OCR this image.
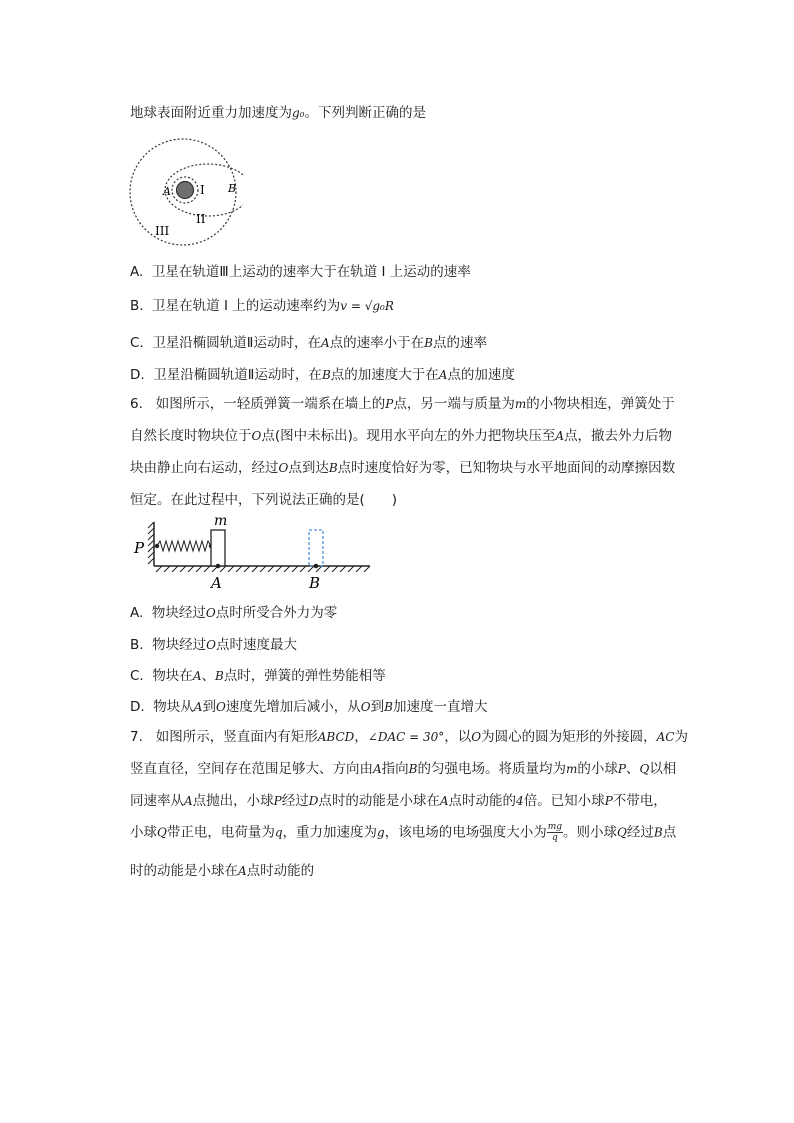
地球表面附近重力加速度为g₀。下列判断正确的是
A	B
I
II
III
A. 卫星在轨道Ⅲ上运动的速率大于在轨道 I 上运动的速率
B. 卫星在轨道 I 上的运动速率约为v = √g₀R
C. 卫星沿椭圆轨道Ⅱ运动时，在A点的速率小于在B点的速率
D. 卫星沿椭圆轨道Ⅱ运动时，在B点的加速度大于在A点的加速度
6. 如图所示，一轻质弹簧一端系在墙上的P点，另一端与质量为m的小物块相连，弹簧处于
自然长度时物块位于O点(图中未标出)。现用水平向左的外力把物块压至A点，撤去外力后物
块由静止向右运动，经过O点到达B点时速度恰好为零，已知物块与水平地面间的动摩擦因数
恒定。在此过程中，下列说法正确的是(　　)
P
m
A	B
A. 物块经过O点时所受合外力为零
B. 物块经过O点时速度最大
C. 物块在A、B点时，弹簧的弹性势能相等
D. 物块从A到O速度先增加后减小，从O到B加速度一直增大
7. 如图所示，竖直面内有矩形ABCD，∠DAC = 30°，以O为圆心的圆为矩形的外接圆，AC为
竖直直径，空间存在范围足够大、方向由A指向B的匀强电场。将质量均为m的小球P、Q以相
同速率从A点抛出，小球P经过D点时的动能是小球在A点时动能的4倍。已知小球P不带电，
小球Q带正电，电荷量为q，重力加速度为g，该电场的电场强度大小为 $\frac{mg}{q}$ 。则小球Q经过B点
时的动能是小球在A点时动能的
